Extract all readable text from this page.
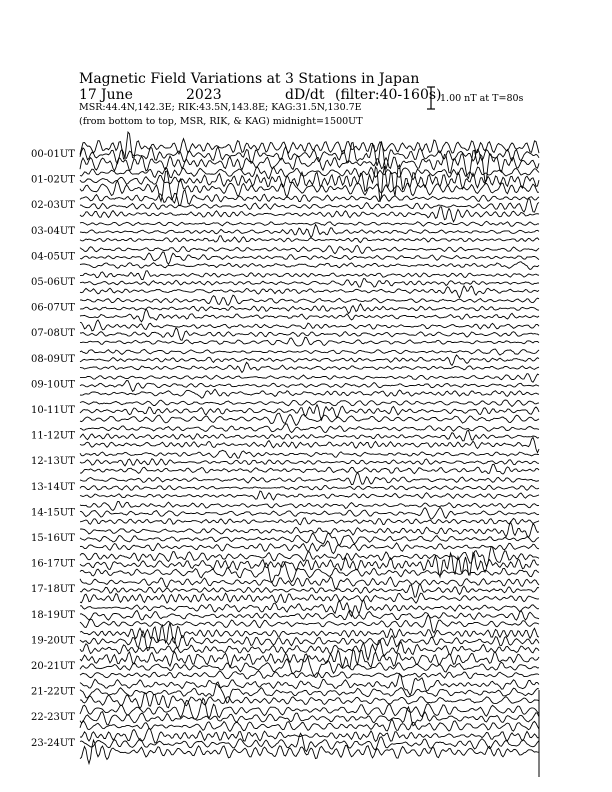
Magnetic Field Variations at 3 Stations in Japan
17 June	2023	dD/dt (filter:40-160s)
MSR:44.4N,142.3E; RIK:43.5N,143.8E; KAG:31.5N,130.7E
(from bottom to top, MSR, RIK, & KAG) midnight=1500UT
1.00 nT at T=80s
00-01UT
01-02UT
02-03UT
03-04UT
04-05UT
05-06UT
06-07UT
07-08UT
08-09UT
09-10UT
10-11UT
11-12UT
12-13UT
13-14UT
14-15UT
15-16UT
16-17UT
17-18UT
18-19UT
19-20UT
20-21UT
21-22UT
22-23UT
23-24UT
